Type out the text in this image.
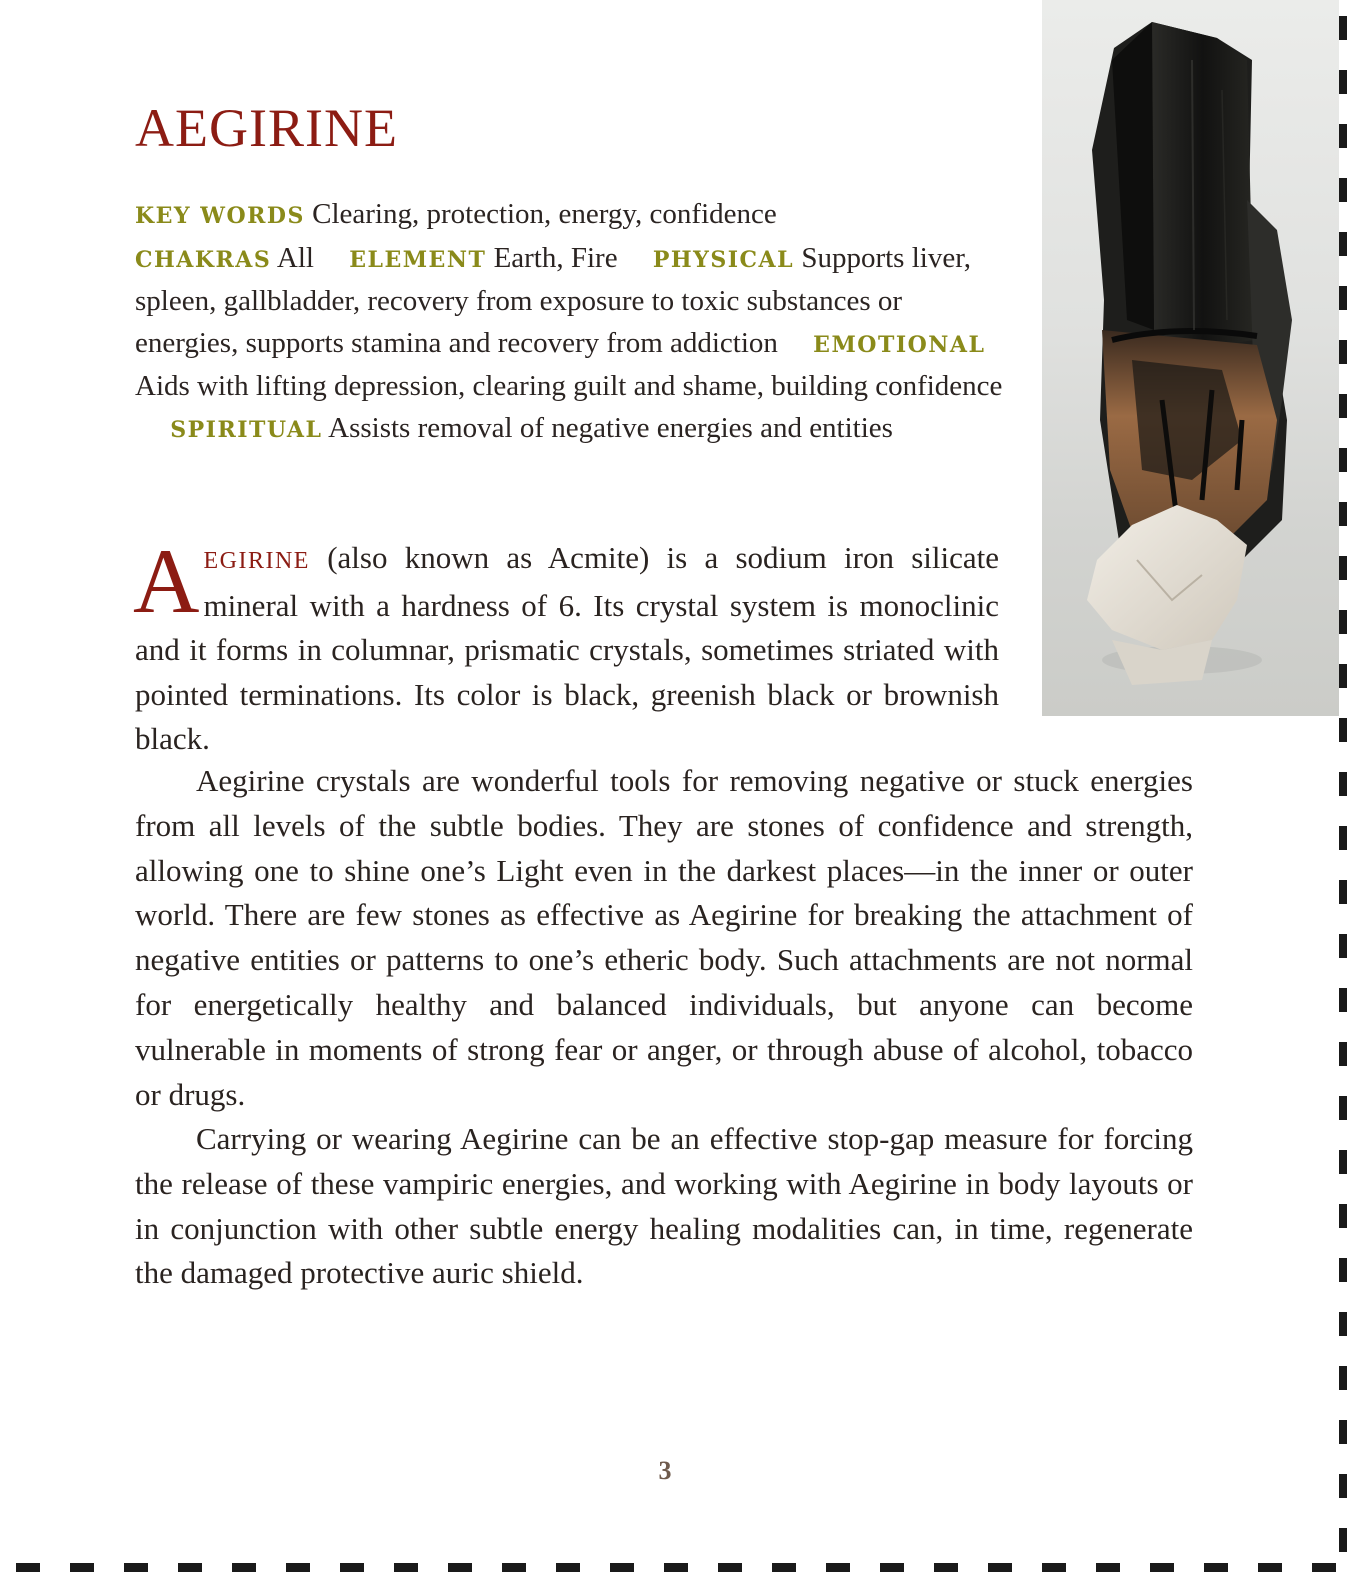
AEGIRINE
KEY WORDS Clearing, protection, energy, confidence
CHAKRAS All ELEMENT Earth, Fire PHYSICAL Supports liver, spleen, gallbladder, recovery from exposure to toxic substances or energies, supports stamina and recovery from addiction EMOTIONAL Aids with lifting depression, clearing guilt and shame, building confidence SPIRITUAL Assists removal of negative energies and entities

AEGIRINE (also known as Acmite) is a sodium iron silicate mineral with a hardness of 6. Its crystal system is monoclinic and it forms in columnar, prismatic crystals, sometimes striated with pointed terminations. Its color is black, greenish black or brownish black.

Aegirine crystals are wonderful tools for removing negative or stuck energies from all levels of the subtle bodies. They are stones of confidence and strength, allowing one to shine one’s Light even in the darkest places—in the inner or outer world. There are few stones as effective as Aegirine for breaking the attachment of negative entities or patterns to one’s etheric body. Such attachments are not normal for energetically healthy and balanced individuals, but anyone can become vulnerable in moments of strong fear or anger, or through abuse of alcohol, tobacco or drugs.

Carrying or wearing Aegirine can be an effective stop-gap measure for forcing the release of these vampiric energies, and working with Aegirine in body layouts or in conjunction with other subtle energy healing modalities can, in time, regenerate the damaged protective auric shield.

3
